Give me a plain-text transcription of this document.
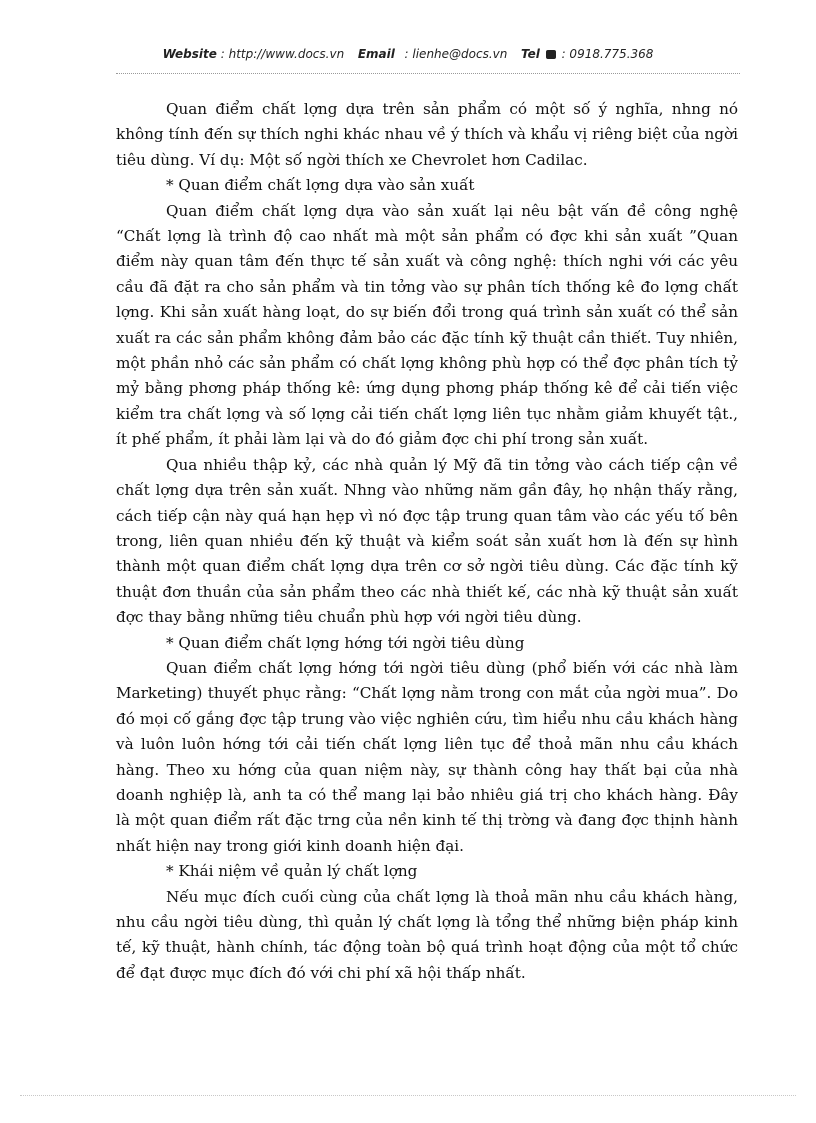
Website : http://www.docs.vn Email : lienhe@docs.vn Tel : 0918.775.368

Quan điểm chất lợng dựa trên sản phẩm có một số ý nghĩa, nhng nó không tính đến sự thích nghi khác nhau về ý thích và khẩu vị riêng biệt của ngời tiêu dùng. Ví dụ: Một số ngời thích xe Chevrolet hơn Cadilac.

* Quan điểm chất lợng dựa vào sản xuất

Quan điểm chất lợng dựa vào sản xuất lại nêu bật vấn đề công nghệ “Chất lợng là trình độ cao nhất mà một sản phẩm có đợc khi sản xuất ”Quan điểm này quan tâm đến thực tế sản xuất và công nghệ: thích nghi với các yêu cầu đã đặt ra cho sản phẩm và tin tởng vào sự phân tích thống kê đo lợng chất lợng. Khi sản xuất hàng loạt, do sự biến đổi trong quá trình sản xuất có thể sản xuất ra các sản phẩm không đảm bảo các đặc tính kỹ thuật cần thiết. Tuy nhiên, một phần nhỏ các sản phẩm có chất lợng không phù hợp có thể đợc phân tích tỷ mỷ bằng phơng pháp thống kê: ứng dụng phơng pháp thống kê để cải tiến việc kiểm tra chất lợng và số lợng cải tiến chất lợng liên tục nhằm giảm khuyết tật., ít phế phẩm, ít phải làm lại và do đó giảm đợc chi phí trong sản xuất.

Qua nhiều thập kỷ, các nhà quản lý Mỹ đã tin tởng vào cách tiếp cận về chất lợng dựa trên sản xuất. Nhng vào những năm gần đây, họ nhận thấy rằng, cách tiếp cận này quá hạn hẹp vì nó đợc tập trung quan tâm vào các yếu tố bên trong, liên quan nhiều đến kỹ thuật và kiểm soát sản xuất hơn là đến sự hình thành một quan điểm chất lợng dựa trên cơ sở ngời tiêu dùng. Các đặc tính kỹ thuật đơn thuần của sản phẩm theo các nhà thiết kế, các nhà kỹ thuật sản xuất đợc thay bằng những tiêu chuẩn phù hợp với ngời tiêu dùng.

* Quan điểm chất lợng hớng tới ngời tiêu dùng

Quan điểm chất lợng hớng tới ngời tiêu dùng (phổ biến với các nhà làm Marketing) thuyết phục rằng: “Chất lợng nằm trong con mắt của ngời mua”. Do đó mọi cố gắng đợc tập trung vào việc nghiên cứu, tìm hiểu nhu cầu khách hàng và luôn luôn hớng tới cải tiến chất lợng liên tục để thoả mãn nhu cầu khách hàng. Theo xu hớng của quan niệm này, sự thành công hay thất bại của nhà doanh nghiệp là, anh ta có thể mang lại bảo nhiêu giá trị cho khách hàng. Đây là một quan điểm rất đặc trng của nền kinh tế thị trờng và đang đợc thịnh hành nhất hiện nay trong giới kinh doanh hiện đại.

* Khái niệm về quản lý chất lợng

Nếu mục đích cuối cùng của chất lợng là thoả mãn nhu cầu khách hàng, nhu cầu ngời tiêu dùng, thì quản lý chất lợng là tổng thể những biện pháp kinh tế, kỹ thuật, hành chính, tác động toàn bộ quá trình hoạt động của một tổ chức để đạt được mục đích đó với chi phí xã hội thấp nhất.
